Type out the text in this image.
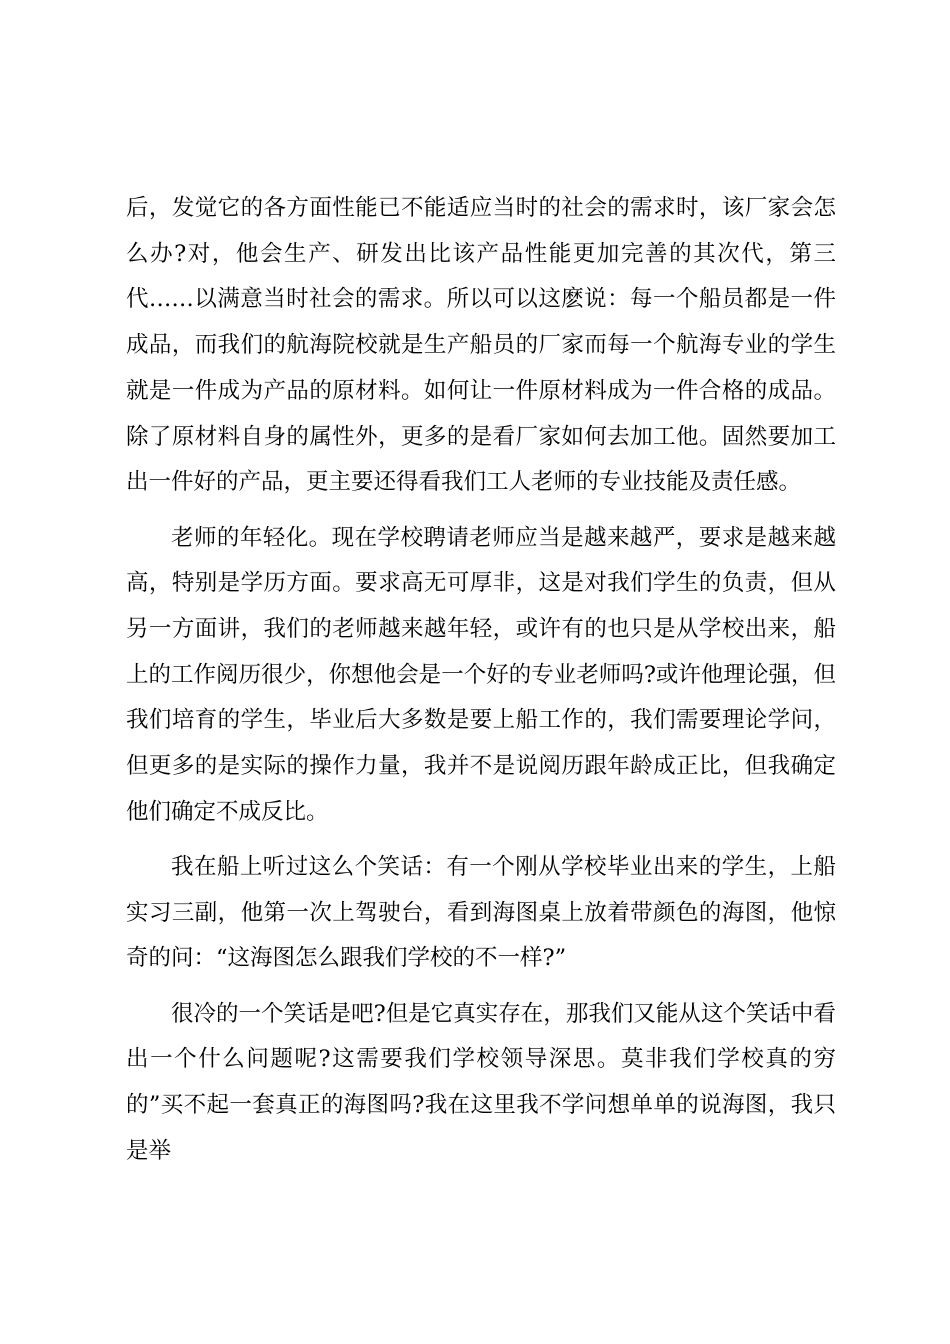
后，发觉它的各方面性能已不能适应当时的社会的需求时，该厂家会怎么办?对，他会生产、研发出比该产品性能更加完善的其次代，第三代……以满意当时社会的需求。所以可以这麽说：每一个船员都是一件成品，而我们的航海院校就是生产船员的厂家而每一个航海专业的学生就是一件成为产品的原材料。如何让一件原材料成为一件合格的成品。除了原材料自身的属性外，更多的是看厂家如何去加工他。固然要加工出一件好的产品，更主要还得看我们工人老师的专业技能及责任感。

老师的年轻化。现在学校聘请老师应当是越来越严，要求是越来越高，特别是学历方面。要求高无可厚非，这是对我们学生的负责，但从另一方面讲，我们的老师越来越年轻，或许有的也只是从学校出来，船上的工作阅历很少，你想他会是一个好的专业老师吗?或许他理论强，但我们培育的学生，毕业后大多数是要上船工作的，我们需要理论学问，但更多的是实际的操作力量，我并不是说阅历跟年龄成正比，但我确定他们确定不成反比。

我在船上听过这么个笑话：有一个刚从学校毕业出来的学生，上船实习三副，他第一次上驾驶台，看到海图桌上放着带颜色的海图，他惊奇的问：“这海图怎么跟我们学校的不一样?”

很冷的一个笑话是吧?但是它真实存在，那我们又能从这个笑话中看出一个什么问题呢?这需要我们学校领导深思。莫非我们学校真的穷的”买不起一套真正的海图吗?我在这里我不学问想单单的说海图，我只是举
